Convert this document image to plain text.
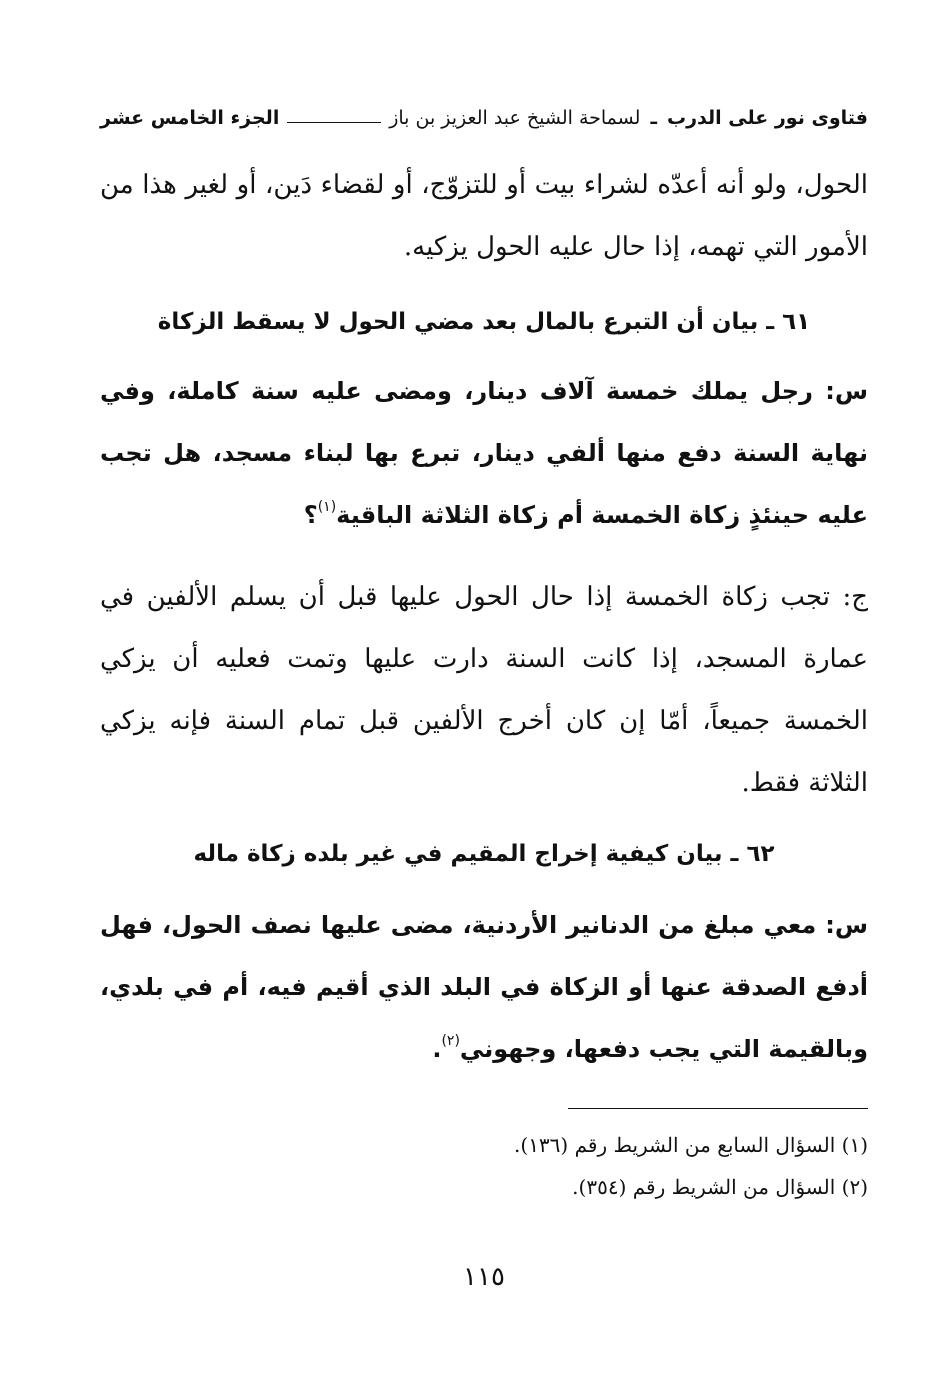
فتاوى نور على الدرب ـ لسماحة الشيخ عبد العزيز بن باز
الجزء الخامس عشر

الحول، ولو أنه أعدّه لشراء بيت أو للتزوّج، أو لقضاء دَين، أو لغير هذا من الأمور التي تهمه، إذا حال عليه الحول يزكيه.

٦١ ـ بيان أن التبرع بالمال بعد مضي الحول لا يسقط الزكاة

س: رجل يملك خمسة آلاف دينار، ومضى عليه سنة كاملة، وفي نهاية السنة دفع منها ألفي دينار، تبرع بها لبناء مسجد، هل تجب عليه حينئذٍ زكاة الخمسة أم زكاة الثلاثة الباقية$^{(١)}$؟

ج: تجب زكاة الخمسة إذا حال الحول عليها قبل أن يسلم الألفين في عمارة المسجد، إذا كانت السنة دارت عليها وتمت فعليه أن يزكي الخمسة جميعاً، أمّا إن كان أخرج الألفين قبل تمام السنة فإنه يزكي الثلاثة فقط.

٦٢ ـ بيان كيفية إخراج المقيم في غير بلده زكاة ماله

س: معي مبلغ من الدنانير الأردنية، مضى عليها نصف الحول، فهل أدفع الصدقة عنها أو الزكاة في البلد الذي أقيم فيه، أم في بلدي، وبالقيمة التي يجب دفعها، وجهوني$^{(٢)}$.

(١) السؤال السابع من الشريط رقم (١٣٦).

(٢) السؤال من الشريط رقم (٣٥٤).

١١٥
